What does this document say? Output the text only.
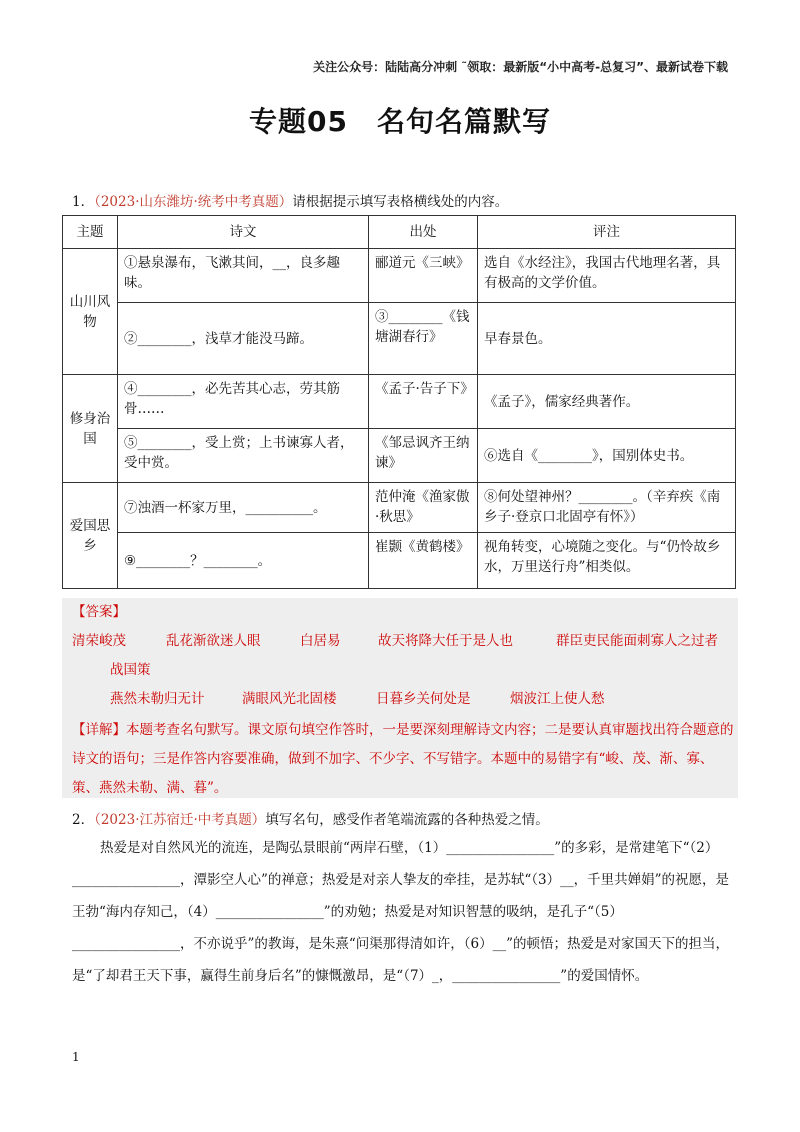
关注公众号：陆陆高分冲刺 ˜领取：最新版“小中高考-总复习”、最新试卷下载
专题05　名句名篇默写
1．（2023·山东潍坊·统考中考真题）请根据提示填写表格横线处的内容。
主题	诗文	出处	评注
山川风物	①悬泉瀑布，飞漱其间，__，良多趣味。	郦道元《三峡》	选自《水经注》，我国古代地理名著，具有极高的文学价值。
	②________，浅草才能没马蹄。	③________《钱塘湖春行》	早春景色。
修身治国	④________，必先苦其心志，劳其筋骨……	《孟子·告子下》	《孟子》，儒家经典著作。
	⑤________，受上赏；上书谏寡人者，受中赏。	《邹忌讽齐王纳谏》	⑥选自《________》，国别体史书。
爱国思乡	⑦浊酒一杯家万里，__________。	范仲淹《渔家傲·秋思》	⑧何处望神州？________。（辛弃疾《南乡子·登京口北固亭有怀》）
	⑨________？________。	崔颢《黄鹤楼》	视角转变，心境随之变化。与“仍怜故乡水，万里送行舟”相类似。
【答案】
清荣峻茂	乱花渐欲迷人眼	白居易	故天将降大任于是人也	群臣吏民能面刺寡人之过者
战国策
燕然未勒归无计	满眼风光北固楼	日暮乡关何处是	烟波江上使人愁
【详解】本题考查名句默写。课文原句填空作答时，一是要深刻理解诗文内容；二是要认真审题找出符合题意的诗文的语句；三是作答内容要准确，做到不加字、不少字、不写错字。本题中的易错字有“峻、茂、渐、寡、策、燕然未勒、满、暮”。
2．（2023·江苏宿迁·中考真题）填写名句，感受作者笔端流露的各种热爱之情。
热爱是对自然风光的流连，是陶弘景眼前“两岸石壁，（1）________________”的多彩，是常建笔下“（2）________________，潭影空人心”的禅意；热爱是对亲人挚友的牵挂，是苏轼“（3）__，千里共婵娟”的祝愿，是王勃“海内存知己，（4）________________”的劝勉；热爱是对知识智慧的吸纳，是孔子“（5）________________，不亦说乎”的教诲，是朱熹“问渠那得清如许，（6）__”的顿悟；热爱是对家国天下的担当，是“了却君王天下事，赢得生前身后名”的慷慨激昂，是“（7）_，________________”的爱国情怀。
1
